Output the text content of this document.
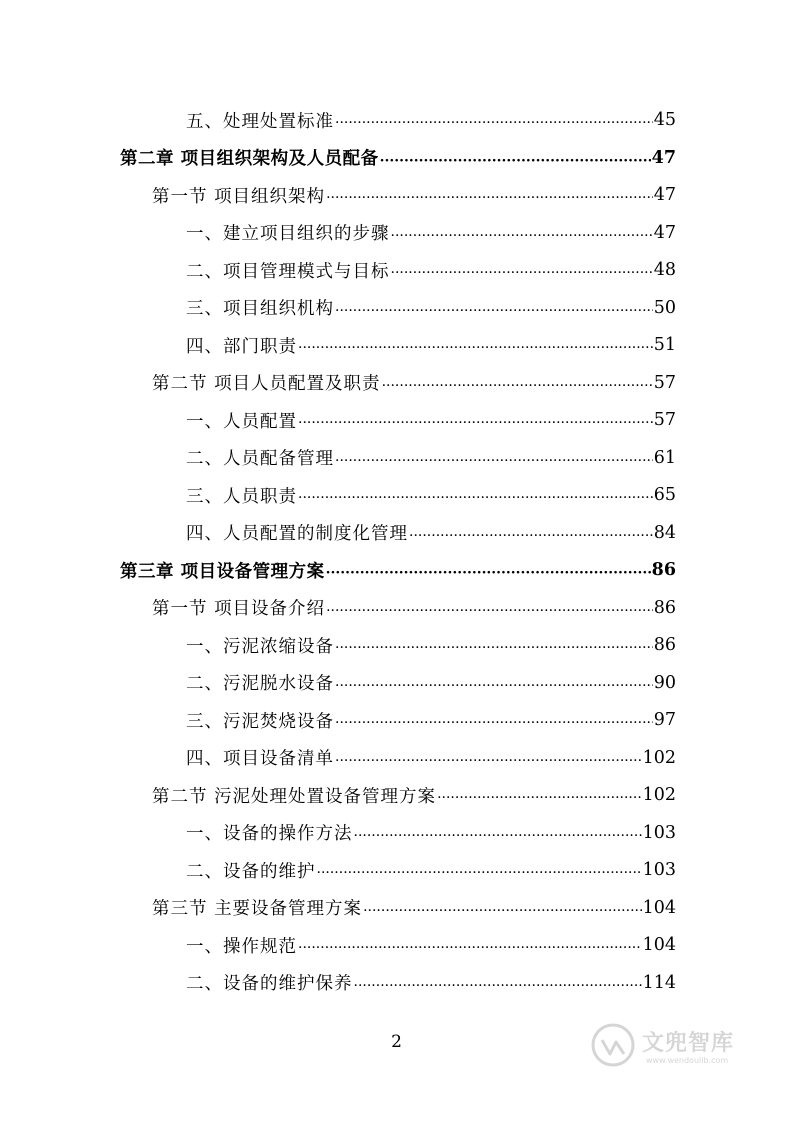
五、处理处置标准 ·····	45
第二章 项目组织架构及人员配备 ·····	47
第一节 项目组织架构 ·····	47
一、建立项目组织的步骤 ·····	47
二、项目管理模式与目标 ·····	48
三、项目组织机构 ·····	50
四、部门职责 ·····	51
第二节 项目人员配置及职责 ·····	57
一、人员配置 ·····	57
二、人员配备管理 ·····	61
三、人员职责 ·····	65
四、人员配置的制度化管理 ·····	84
第三章 项目设备管理方案 ·····	86
第一节 项目设备介绍 ·····	86
一、污泥浓缩设备 ·····	86
二、污泥脱水设备 ·····	90
三、污泥焚烧设备 ·····	97
四、项目设备清单 ·····	102
第二节 污泥处理处置设备管理方案 ·····	102
一、设备的操作方法 ·····	103
二、设备的维护 ·····	103
第三节 主要设备管理方案 ·····	104
一、操作规范 ·····	104
二、设备的维护保养 ·····	114
2	文兜智库
www.wendoulib.com
